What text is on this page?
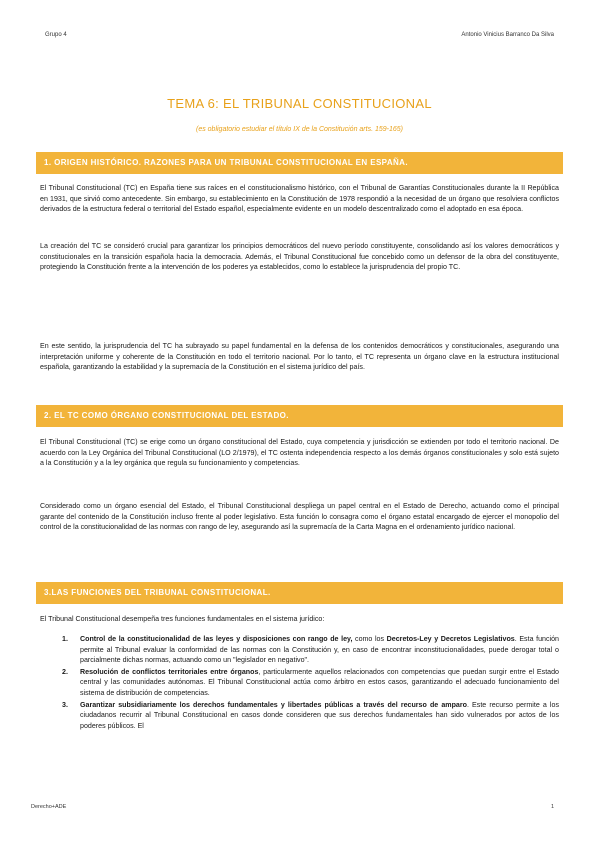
Grupo 4	Antonio Vinicius Barranco Da Silva
TEMA 6: EL TRIBUNAL CONSTITUCIONAL
(es obligatorio estudiar el título IX de la Constitución arts. 159-165)
1. ORIGEN HISTÓRICO. RAZONES PARA UN TRIBUNAL CONSTITUCIONAL EN ESPAÑA.

El Tribunal Constitucional (TC) en España tiene sus raíces en el constitucionalismo histórico, con el Tribunal de Garantías Constitucionales durante la II República en 1931, que sirvió como antecedente. Sin embargo, su establecimiento en la Constitución de 1978 respondió a la necesidad de un órgano que resolviera conflictos derivados de la estructura federal o territorial del Estado español, especialmente evidente en un modelo descentralizado como el adoptado en esa época.

La creación del TC se consideró crucial para garantizar los principios democráticos del nuevo período constituyente, consolidando así los valores democráticos y constitucionales en la transición española hacia la democracia. Además, el Tribunal Constitucional fue concebido como un defensor de la obra del constituyente, protegiendo la Constitución frente a la intervención de los poderes ya establecidos, como lo establece la jurisprudencia del propio TC.

En este sentido, la jurisprudencia del TC ha subrayado su papel fundamental en la defensa de los contenidos democráticos y constitucionales, asegurando una interpretación uniforme y coherente de la Constitución en todo el territorio nacional. Por lo tanto, el TC representa un órgano clave en la estructura institucional española, garantizando la estabilidad y la supremacía de la Constitución en el sistema jurídico del país.

2. EL TC COMO ÓRGANO CONSTITUCIONAL DEL ESTADO.

El Tribunal Constitucional (TC) se erige como un órgano constitucional del Estado, cuya competencia y jurisdicción se extienden por todo el territorio nacional. De acuerdo con la Ley Orgánica del Tribunal Constitucional (LO 2/1979), el TC ostenta independencia respecto a los demás órganos constitucionales y solo está sujeto a la Constitución y a la ley orgánica que regula su funcionamiento y competencias.

Considerado como un órgano esencial del Estado, el Tribunal Constitucional despliega un papel central en el Estado de Derecho, actuando como el principal garante del contenido de la Constitución incluso frente al poder legislativo. Esta función lo consagra como el órgano estatal encargado de ejercer el monopolio del control de la constitucionalidad de las normas con rango de ley, asegurando así la supremacía de la Carta Magna en el ordenamiento jurídico nacional.

3.LAS FUNCIONES DEL TRIBUNAL CONSTITUCIONAL.

El Tribunal Constitucional desempeña tres funciones fundamentales en el sistema jurídico:

1. Control de la constitucionalidad de las leyes y disposiciones con rango de ley, como los Decretos-Ley y Decretos Legislativos. Esta función permite al Tribunal evaluar la conformidad de las normas con la Constitución y, en caso de encontrar inconstitucionalidades, puede derogar total o parcialmente dichas normas, actuando como un "legislador en negativo".
2. Resolución de conflictos territoriales entre órganos, particularmente aquellos relacionados con competencias que puedan surgir entre el Estado central y las comunidades autónomas. El Tribunal Constitucional actúa como árbitro en estos casos, garantizando el adecuado funcionamiento del sistema de distribución de competencias.
3. Garantizar subsidiariamente los derechos fundamentales y libertades públicas a través del recurso de amparo. Este recurso permite a los ciudadanos recurrir al Tribunal Constitucional en casos donde consideren que sus derechos fundamentales han sido vulnerados por actos de los poderes públicos. El
Derecho+ADE	1
